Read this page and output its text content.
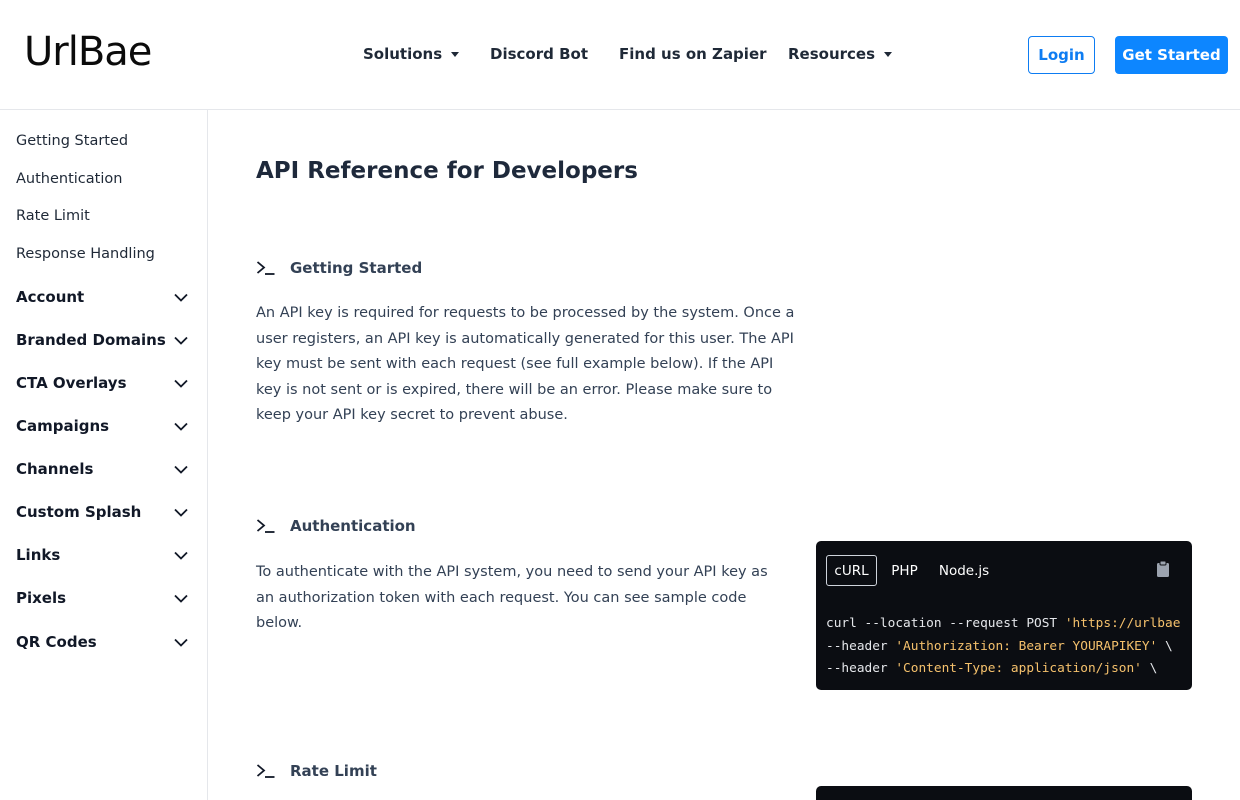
UrlBae	Solutions	Discord Bot Find us on Zapier Resources	Login	Get Started
Getting Started
Authentication
Rate Limit
Response Handling
Account
Branded Domains
CTA Overlays
Campaigns
Channels
Custom Splash
Links
Pixels
QR Codes
API Reference for Developers
Getting Started
An API key is required for requests to be processed by the system. Once a user registers, an API key is automatically generated for this user. The API key must be sent with each request (see full example below). If the API key is not sent or is expired, there will be an error. Please make sure to keep your API key secret to prevent abuse.
Authentication
To authenticate with the API system, you need to send your API key as an authorization token with each request. You can see sample code below.
cURL	PHP	Node.js
curl --location --request POST 'https://urlbae
--header 'Authorization: Bearer YOURAPIKEY' \
--header 'Content-Type: application/json' \
Rate Limit
